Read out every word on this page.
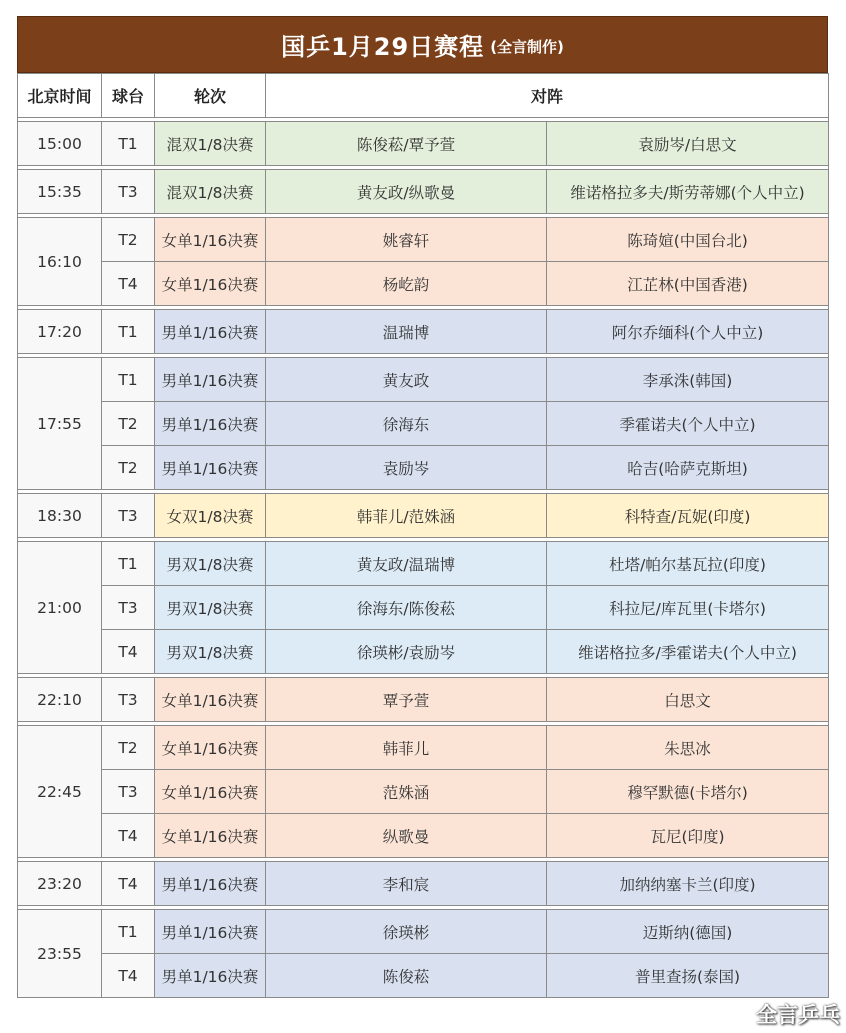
国乒1月29日赛程 (全言制作)
北京时间	球台	轮次	对阵	

15:00	T1	混双1/8决赛	陈俊菘/覃予萱	袁励岑/白思文

15:35	T3	混双1/8决赛	黄友政/纵歌曼	维诺格拉多夫/斯劳蒂娜(个人中立)

16:10	T2	女单1/16决赛	姚睿轩	陈琦媗(中国台北)
	T4	女单1/16决赛	杨屹韵	江芷林(中国香港)

17:20	T1	男单1/16决赛	温瑞博	阿尔乔缅科(个人中立)

17:55	T1	男单1/16决赛	黄友政	李承洙(韩国)
	T2	男单1/16决赛	徐海东	季霍诺夫(个人中立)
	T2	男单1/16决赛	袁励岑	哈吉(哈萨克斯坦)

18:30	T3	女双1/8决赛	韩菲儿/范姝涵	科特查/瓦妮(印度)

21:00	T1	男双1/8决赛	黄友政/温瑞博	杜塔/帕尔基瓦拉(印度)
	T3	男双1/8决赛	徐海东/陈俊菘	科拉尼/库瓦里(卡塔尔)
	T4	男双1/8决赛	徐瑛彬/袁励岑	维诺格拉多/季霍诺夫(个人中立)

22:10	T3	女单1/16决赛	覃予萱	白思文

22:45	T2	女单1/16决赛	韩菲儿	朱思冰
	T3	女单1/16决赛	范姝涵	穆罕默德(卡塔尔)
	T4	女单1/16决赛	纵歌曼	瓦尼(印度)

23:20	T4	男单1/16决赛	李和宸	加纳纳塞卡兰(印度)

23:55	T1	男单1/16决赛	徐瑛彬	迈斯纳(德国)
	T4	男单1/16决赛	陈俊菘	普里查扬(泰国)
全言乒乓
